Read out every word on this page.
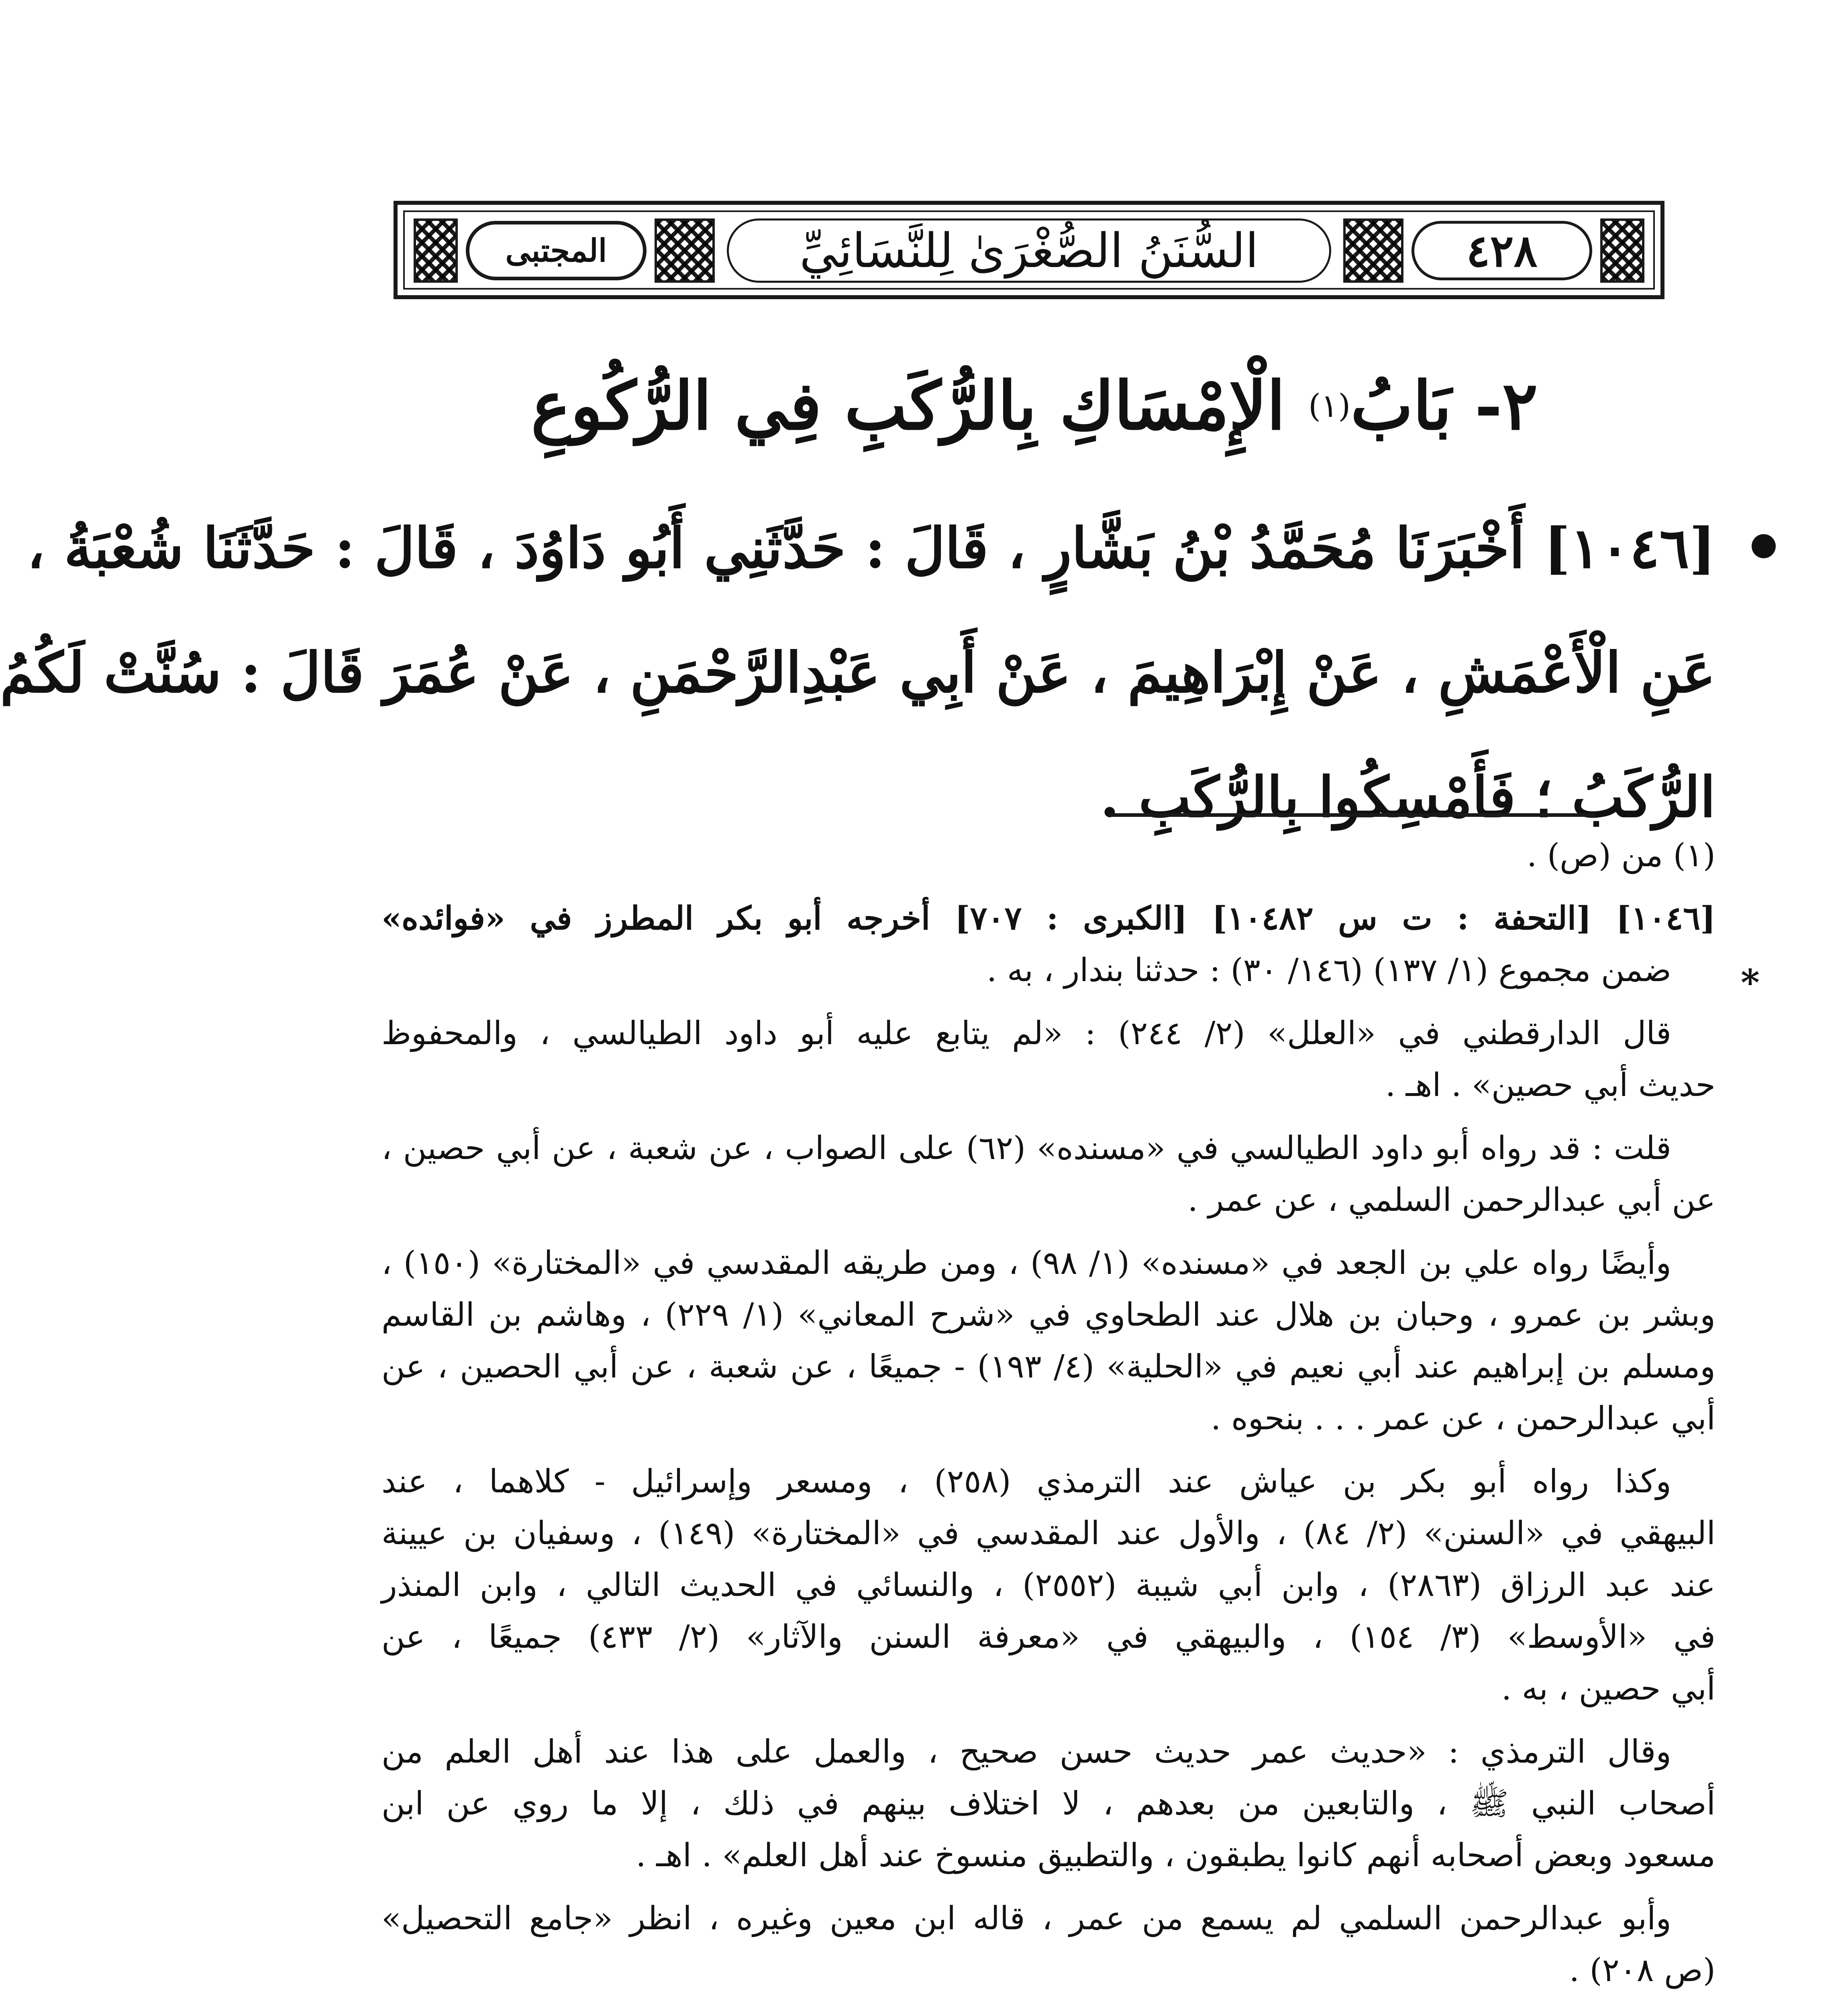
٤٢٨
السُّنَنُ الصُّغْرَىٰ لِلنَّسَائِيِّ
المجتبى
٢- بَابُ
(١)

الْإِمْسَاكِ بِالرُّكَبِ فِي الرُّكُوعِ
[١٠٤٦] أَخْبَرَنَا مُحَمَّدُ بْنُ بَشَّارٍ ، قَالَ : حَدَّثَنِي أَبُو دَاوُدَ ، قَالَ : حَدَّثَنَا شُعْبَةُ ،
عَنِ الْأَعْمَشِ ، عَنْ إِبْرَاهِيمَ ، عَنْ أَبِي عَبْدِالرَّحْمَنِ ، عَنْ عُمَرَ قَالَ : سُنَّتْ لَكُمُ
الرُّكَبُ ؛ فَأَمْسِكُوا بِالرُّكَبِ .
(١) من (ص) .
*
[١٠٤٦] [التحفة : ت س ١٠٤٨٢] [الكبرى : ٧٠٧] أخرجه أبو بكر المطرز في «فوائده»
ضمن مجموع (١/ ١٣٧) (١٤٦/ ٣٠) : حدثنا بندار ، به .
قال الدارقطني في «العلل» (٢/ ٢٤٤) : «لم يتابع عليه أبو داود الطيالسي ، والمحفوظ
حديث أبي حصين» . اهـ .
قلت : قد رواه أبو داود الطيالسي في «مسنده» (٦٢) على الصواب ، عن شعبة ، عن أبي حصين ،
عن أبي عبدالرحمن السلمي ، عن عمر .
وأيضًا رواه علي بن الجعد في «مسنده» (١/ ٩٨) ، ومن طريقه المقدسي في «المختارة» (١٥٠) ،
وبشر بن عمرو ، وحبان بن هلال عند الطحاوي في «شرح المعاني» (١/ ٢٢٩) ، وهاشم بن القاسم
ومسلم بن إبراهيم عند أبي نعيم في «الحلية» (٤/ ١٩٣) - جميعًا ، عن شعبة ، عن أبي الحصين ، عن
أبي عبدالرحمن ، عن عمر . . . بنحوه .
وكذا رواه أبو بكر بن عياش عند الترمذي (٢٥٨) ، ومسعر وإسرائيل - كلاهما ، عند
البيهقي في «السنن» (٢/ ٨٤) ، والأول عند المقدسي في «المختارة» (١٤٩) ، وسفيان بن عيينة
عند عبد الرزاق (٢٨٦٣) ، وابن أبي شيبة (٢٥٥٢) ، والنسائي في الحديث التالي ، وابن المنذر
في «الأوسط» (٣/ ١٥٤) ، والبيهقي في «معرفة السنن والآثار» (٢/ ٤٣٣) جميعًا ، عن
أبي حصين ، به .
وقال الترمذي : «حديث عمر حديث حسن صحيح ، والعمل على هذا عند أهل العلم من
أصحاب النبي ﷺ ، والتابعين من بعدهم ، لا اختلاف بينهم في ذلك ، إلا ما روي عن ابن
مسعود وبعض أصحابه أنهم كانوا يطبقون ، والتطبيق منسوخ عند أهل العلم» . اهـ .
وأبو عبدالرحمن السلمي لم يسمع من عمر ، قاله ابن معين وغيره ، انظر «جامع التحصيل»
(ص ٢٠٨) .
